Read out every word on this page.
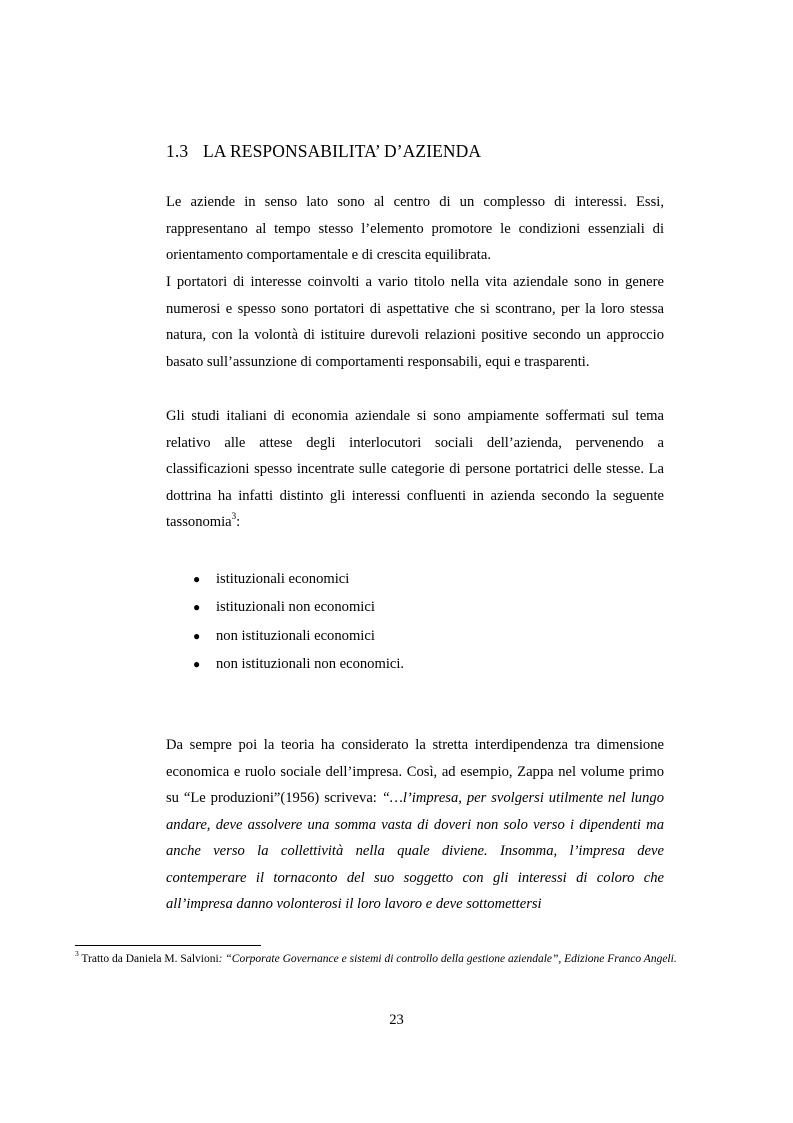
1.3 LA RESPONSABILITA’ D’AZIENDA
Le aziende in senso lato sono al centro di un complesso di interessi. Essi, rappresentano al tempo stesso l’elemento promotore le condizioni essenziali di orientamento comportamentale e di crescita equilibrata.
I portatori di interesse coinvolti a vario titolo nella vita aziendale sono in genere numerosi e spesso sono portatori di aspettative che si scontrano, per la loro stessa natura, con la volontà di istituire durevoli relazioni positive secondo un approccio basato sull’assunzione di comportamenti responsabili, equi e trasparenti.
Gli studi italiani di economia aziendale si sono ampiamente soffermati sul tema relativo alle attese degli interlocutori sociali dell’azienda, pervenendo a classificazioni spesso incentrate sulle categorie di persone portatrici delle stesse. La dottrina ha infatti distinto gli interessi confluenti in azienda secondo la seguente tassonomia$^3$:
● istituzionali economici
● istituzionali non economici
● non istituzionali economici
● non istituzionali non economici.
Da sempre poi la teoria ha considerato la stretta interdipendenza tra dimensione economica e ruolo sociale dell’impresa. Così, ad esempio, Zappa nel volume primo su “Le produzioni”(1956) scriveva: “…l’impresa, per svolgersi utilmente nel lungo andare, deve assolvere una somma vasta di doveri non solo verso i dipendenti ma anche verso la collettività nella quale diviene. Insomma, l’impresa deve contemperare il tornaconto del suo soggetto con gli interessi di coloro che all’impresa danno volonterosi il loro lavoro e deve sottomettersi
$^3$ Tratto da Daniela M. Salvioni: “Corporate Governance e sistemi di controllo della gestione aziendale”, Edizione Franco Angeli.
23
